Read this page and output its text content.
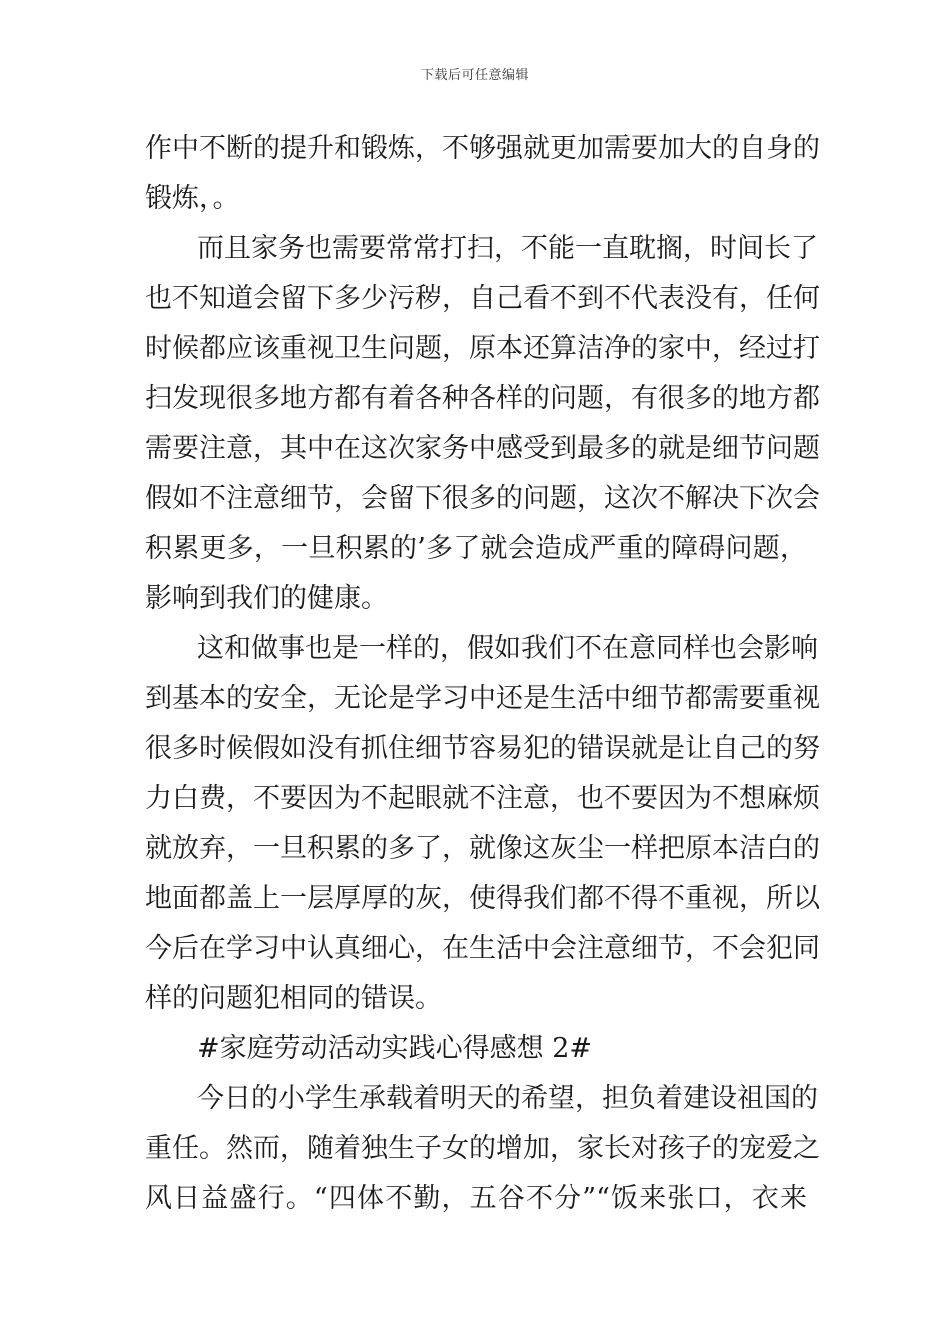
下载后可任意编辑
作中不断的提升和锻炼，不够强就更加需要加大的自身的
锻炼，。
而且家务也需要常常打扫，不能一直耽搁，时间长了
也不知道会留下多少污秽，自己看不到不代表没有，任何
时候都应该重视卫生问题，原本还算洁净的家中，经过打
扫发现很多地方都有着各种各样的问题，有很多的地方都
需要注意，其中在这次家务中感受到最多的就是细节问题
假如不注意细节，会留下很多的问题，这次不解决下次会
积累更多，一旦积累的’多了就会造成严重的障碍问题，
影响到我们的健康。
这和做事也是一样的，假如我们不在意同样也会影响
到基本的安全，无论是学习中还是生活中细节都需要重视
很多时候假如没有抓住细节容易犯的错误就是让自己的努
力白费，不要因为不起眼就不注意，也不要因为不想麻烦
就放弃，一旦积累的多了，就像这灰尘一样把原本洁白的
地面都盖上一层厚厚的灰，使得我们都不得不重视，所以
今后在学习中认真细心，在生活中会注意细节，不会犯同
样的问题犯相同的错误。
#家庭劳动活动实践心得感想 2#
今日的小学生承载着明天的希望，担负着建设祖国的
重任。然而，随着独生子女的增加，家长对孩子的宠爱之
风日益盛行。“四体不勤，五谷不分”“饭来张口，衣来
